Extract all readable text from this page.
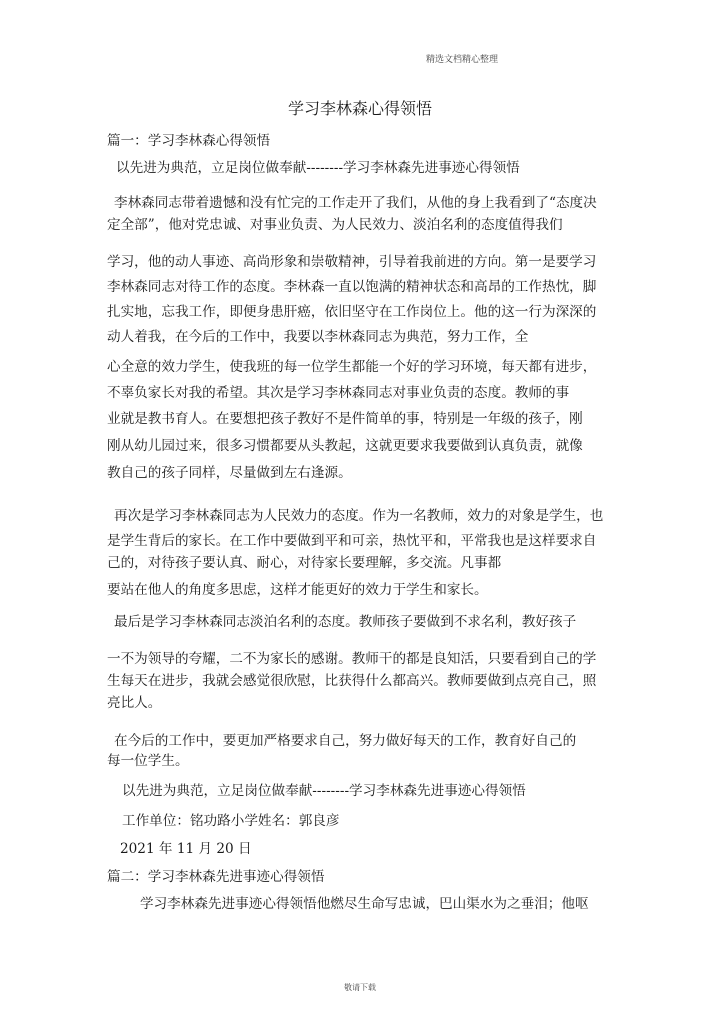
精选文档精心整理
学习李林森心得领悟
篇一：学习李林森心得领悟
以先进为典范，立足岗位做奉献--------学习李林森先进事迹心得领悟
李林森同志带着遗憾和没有忙完的工作走开了我们，从他的身上我看到了“态度决
定全部”，他对党忠诚、对事业负责、为人民效力、淡泊名利的态度值得我们
学习，他的动人事迹、高尚形象和崇敬精神，引导着我前进的方向。第一是要学习
李林森同志对待工作的态度。李林森一直以饱满的精神状态和高昂的工作热忱，脚
扎实地，忘我工作，即便身患肝癌，依旧坚守在工作岗位上。他的这一行为深深的
动人着我，在今后的工作中，我要以李林森同志为典范，努力工作，全
心全意的效力学生，使我班的每一位学生都能一个好的学习环境，每天都有进步，
不辜负家长对我的希望。其次是学习李林森同志对事业负责的态度。教师的事
业就是教书育人。在要想把孩子教好不是件简单的事，特别是一年级的孩子，刚
刚从幼儿园过来，很多习惯都要从头教起，这就更要求我要做到认真负责，就像
教自己的孩子同样，尽量做到左右逢源。
再次是学习李林森同志为人民效力的态度。作为一名教师，效力的对象是学生，也
是学生背后的家长。在工作中要做到平和可亲，热忱平和，平常我也是这样要求自
己的，对待孩子要认真、耐心，对待家长要理解，多交流。凡事都
要站在他人的角度多思虑，这样才能更好的效力于学生和家长。
最后是学习李林森同志淡泊名利的态度。教师孩子要做到不求名利，教好孩子
一不为领导的夸耀，二不为家长的感谢。教师干的都是良知活，只要看到自己的学
生每天在进步，我就会感觉很欣慰，比获得什么都高兴。教师要做到点亮自己，照
亮比人。
在今后的工作中，要更加严格要求自己，努力做好每天的工作，教育好自己的
每一位学生。
以先进为典范，立足岗位做奉献--------学习李林森先进事迹心得领悟
工作单位：铭功路小学姓名：郭良彦
2021 年 11 月 20 日
篇二：学习李林森先进事迹心得领悟
学习李林森先进事迹心得领悟他燃尽生命写忠诚，巴山渠水为之垂泪；他呕
敬请下载
